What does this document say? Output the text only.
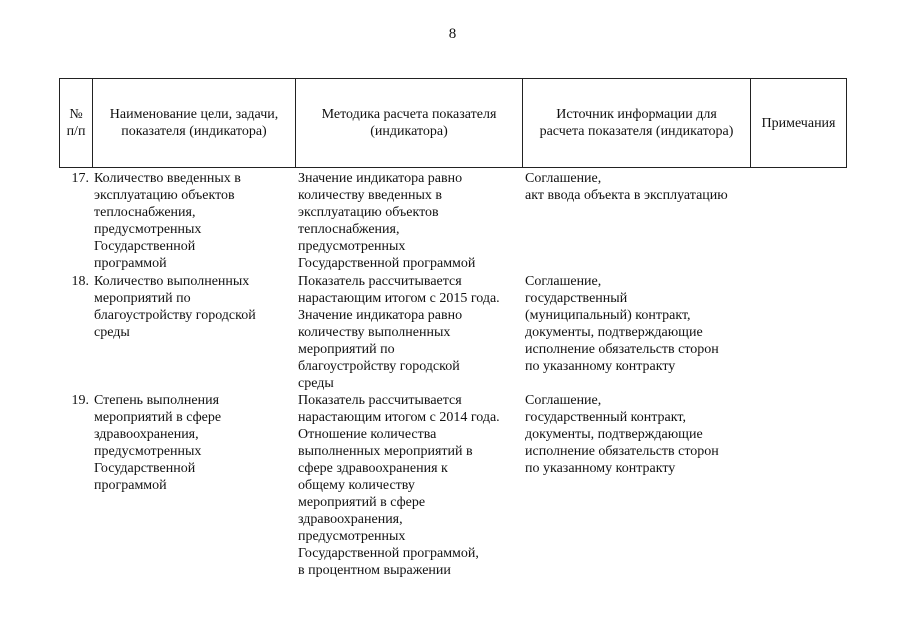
8
№
п/п
Наименование цели, задачи,
показателя (индикатора)
Методика расчета показателя
(индикатора)
Источник информации для
расчета показателя (индикатора)
Примечания
17. Количество введенных в
эксплуатацию объектов
теплоснабжения,
предусмотренных
Государственной
программой
Значение индикатора равно
количеству введенных в
эксплуатацию объектов
теплоснабжения,
предусмотренных
Государственной программой
Соглашение,
акт ввода объекта в эксплуатацию
18. Количество выполненных
мероприятий по
благоустройству городской
среды
Показатель рассчитывается
нарастающим итогом с 2015 года.
Значение индикатора равно
количеству выполненных
мероприятий по
благоустройству городской
среды
Соглашение,
государственный
(муниципальный) контракт,
документы, подтверждающие
исполнение обязательств сторон
по указанному контракту
19. Степень выполнения
мероприятий в сфере
здравоохранения,
предусмотренных
Государственной
программой
Показатель рассчитывается
нарастающим итогом с 2014 года.
Отношение количества
выполненных мероприятий в
сфере здравоохранения к
общему количеству
мероприятий в сфере
здравоохранения,
предусмотренных
Государственной программой,
в процентном выражении
Соглашение,
государственный контракт,
документы, подтверждающие
исполнение обязательств сторон
по указанному контракту
